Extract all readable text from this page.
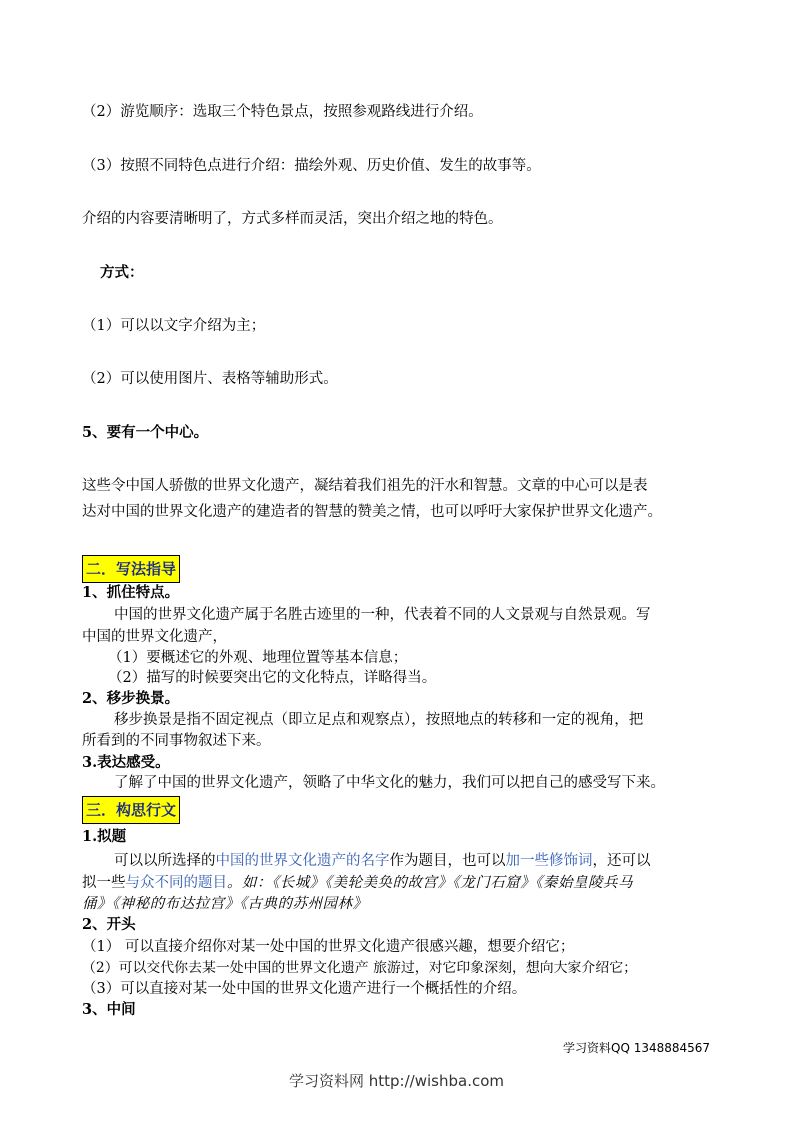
（2）游览顺序：选取三个特色景点，按照参观路线进行介绍。
（3）按照不同特色点进行介绍：描绘外观、历史价值、发生的故事等。
介绍的内容要清晰明了，方式多样而灵活，突出介绍之地的特色。
方式：
（1）可以以文字介绍为主；
（2）可以使用图片、表格等辅助形式。
5、要有一个中心。
这些令中国人骄傲的世界文化遗产，凝结着我们祖先的汗水和智慧。文章的中心可以是表
达对中国的世界文化遗产的建造者的智慧的赞美之情，也可以呼吁大家保护世界文化遗产。
二．写法指导
1、抓住特点。
中国的世界文化遗产属于名胜古迹里的一种，代表着不同的人文景观与自然景观。写
中国的世界文化遗产，
（1）要概述它的外观、地理位置等基本信息；
（2）描写的时候要突出它的文化特点，详略得当。
2、移步换景。
移步换景是指不固定视点（即立足点和观察点），按照地点的转移和一定的视角，把
所看到的不同事物叙述下来。
3.表达感受。
了解了中国的世界文化遗产，领略了中华文化的魅力，我们可以把自己的感受写下来。
三．构思行文
1.拟题
可以以所选择的中国的世界文化遗产的名字作为题目，也可以加一些修饰词，还可以
拟一些与众不同的题目。如：《长城》《美轮美奂的故宫》《龙门石窟》《秦始皇陵兵马
俑》《神秘的布达拉宫》《古典的苏州园林》
2、开头
（1） 可以直接介绍你对某一处中国的世界文化遗产很感兴趣，想要介绍它；
（2）可以交代你去某一处中国的世界文化遗产 旅游过，对它印象深刻，想向大家介绍它；
（3）可以直接对某一处中国的世界文化遗产进行一个概括性的介绍。
3、中间
学习资料QQ 1348884567
学习资料网 http://wishba.com
